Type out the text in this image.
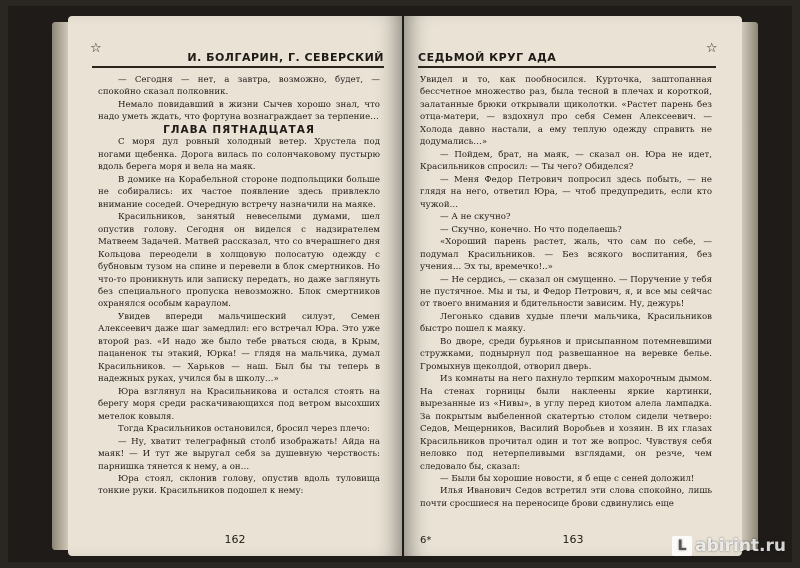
☆
И. БОЛГАРИН, Г. СЕВЕРСКИЙ

— Сегодня — нет, а завтра, возможно, будет, — спокойно сказал полковник.

Немало повидавший в жизни Сычев хорошо знал, что надо уметь ждать, что фортуна вознаграждает за терпение…

ГЛАВА ПЯТНАДЦАТАЯ

С моря дул ровный холодный ветер. Хрустела под ногами щебенка. Дорога вилась по солончаковому пустырю вдоль берега моря и вела на маяк.

В домике на Корабельной стороне подпольщики больше не собирались: их частое появление здесь привлекло внимание соседей. Очередную встречу назначили на маяке.

Красильников, занятый невеселыми думами, шел опустив голову. Сегодня он виделся с надзирателем Матвеем Задачей. Матвей рассказал, что со вчерашнего дня Кольцова переодели в холщовую полосатую одежду с бубновым тузом на спине и перевели в блок смертников. Но что-то проникнуть или записку передать, но даже заглянуть без специального пропуска невозможно. Блок смертников охранялся особым караулом.

Увидев впереди мальчишеский силуэт, Семен Алексеевич даже шаг замедлил: его встречал Юра. Это уже второй раз. «И надо же было тебе рваться сюда, в Крым, пацаненок ты этакий, Юрка! — глядя на мальчика, думал Красильников. — Харьков — наш. Был бы ты теперь в надежных руках, учился бы в школу…»

Юра взглянул на Красильникова и остался стоять на берегу моря среди раскачивающихся под ветром высохших метелок ковыля.

Тогда Красильников остановился, бросил через плечо:

— Ну, хватит телеграфный столб изображать! Айда на маяк! — И тут же выругал себя за душевную черствость: парнишка тянется к нему, а он…

Юра стоял, склонив голову, опустив вдоль туловища тонкие руки. Красильников подошел к нему:

162
СЕДЬМОЙ КРУГ АДА
☆

Увидел и то, как пообносился. Курточка, заштопанная бессчетное множество раз, была тесной в плечах и короткой, залатанные брюки открывали щиколотки. «Растет парень без отца-матери, — вздохнул про себя Семен Алексеевич. — Холода давно настали, а ему теплую одежду справить не додумались…»

— Пойдем, брат, на маяк, — сказал он. Юра не идет, Красильников спросил: — Ты чего? Обиделся?

— Меня Федор Петрович попросил здесь побыть, — не глядя на него, ответил Юра, — чтоб предупредить, если кто чужой…

— А не скучно?

— Скучно, конечно. Но что поделаешь?

«Хороший парень растет, жаль, что сам по себе, — подумал Красильников. — Без всякого воспитания, без учения… Эх ты, времечко!..»

— Не сердись, — сказал он смущенно. — Поручение у тебя не пустячное. Мы и ты, и Федор Петрович, я, и все мы сейчас от твоего внимания и бдительности зависим. Ну, дежурь!

Легонько сдавив худые плечи мальчика, Красильников быстро пошел к маяку.

Во дворе, среди бурьянов и присыпанном потемневшими стружками, поднырнул под развешанное на веревке белье. Громыхнув щеколдой, отворил дверь.

Из комнаты на него пахнуло терпким махорочным дымом. На стенах горницы были наклеены яркие картинки, вырезанные из «Нивы», в углу перед киотом алела лампадка. За покрытым выбеленной скатертью столом сидели четверо: Седов, Мещерников, Василий Воробьев и хозяин. В их глазах Красильников прочитал один и тот же вопрос. Чувствуя себя неловко под нетерпеливыми взглядами, он резче, чем следовало бы, сказал:

— Были бы хорошие новости, я б еще с сеней доложил!

Илья Иванович Седов встретил эти слова спокойно, лишь почти сросшиеся на переносице брови сдвинулись еще

6*	163	L abirint.ru
